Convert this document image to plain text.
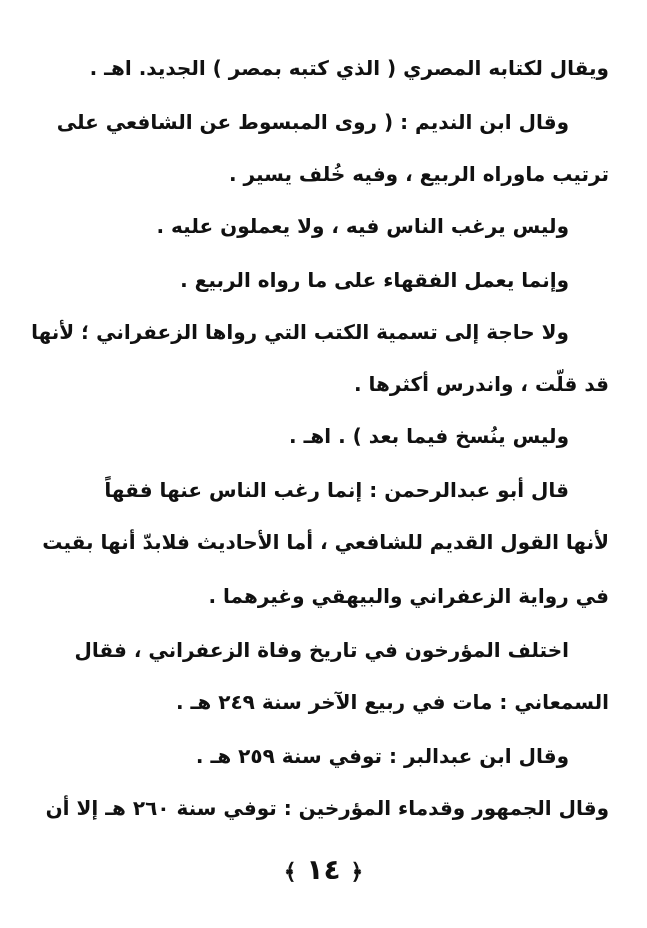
ويقال لكتابه المصري ( الذي كتبه بمصر ) الجديد. اهـ .
وقال ابن النديم : ( روى المبسوط عن الشافعي على
ترتيب ماوراه الربيع ، وفيه خُلف يسير .
وليس يرغب الناس فيه ، ولا يعملون عليه .
وإنما يعمل الفقهاء على ما رواه الربيع .
ولا حاجة إلى تسمية الكتب التي رواها الزعفراني ؛ لأنها
قد قلّت ، واندرس أكثرها .
وليس ينُسخ فيما بعد ) . اهـ .
قال أبو عبدالرحمن : إنما رغب الناس عنها فقهاً
لأنها القول القديم للشافعي ، أما الأحاديث فلابدّ أنها بقيت
في رواية الزعفراني والبيهقي وغيرهما .
اختلف المؤرخون في تاريخ وفاة الزعفراني ، فقال
السمعاني : مات في ربيع الآخر سنة ٢٤٩ هـ .
وقال ابن عبدالبر : توفي سنة ٢٥٩ هـ .
وقال الجمهور وقدماء المؤرخين : توفي سنة ٢٦٠ هـ إلا أن
﴿ ١٤ ﴾
